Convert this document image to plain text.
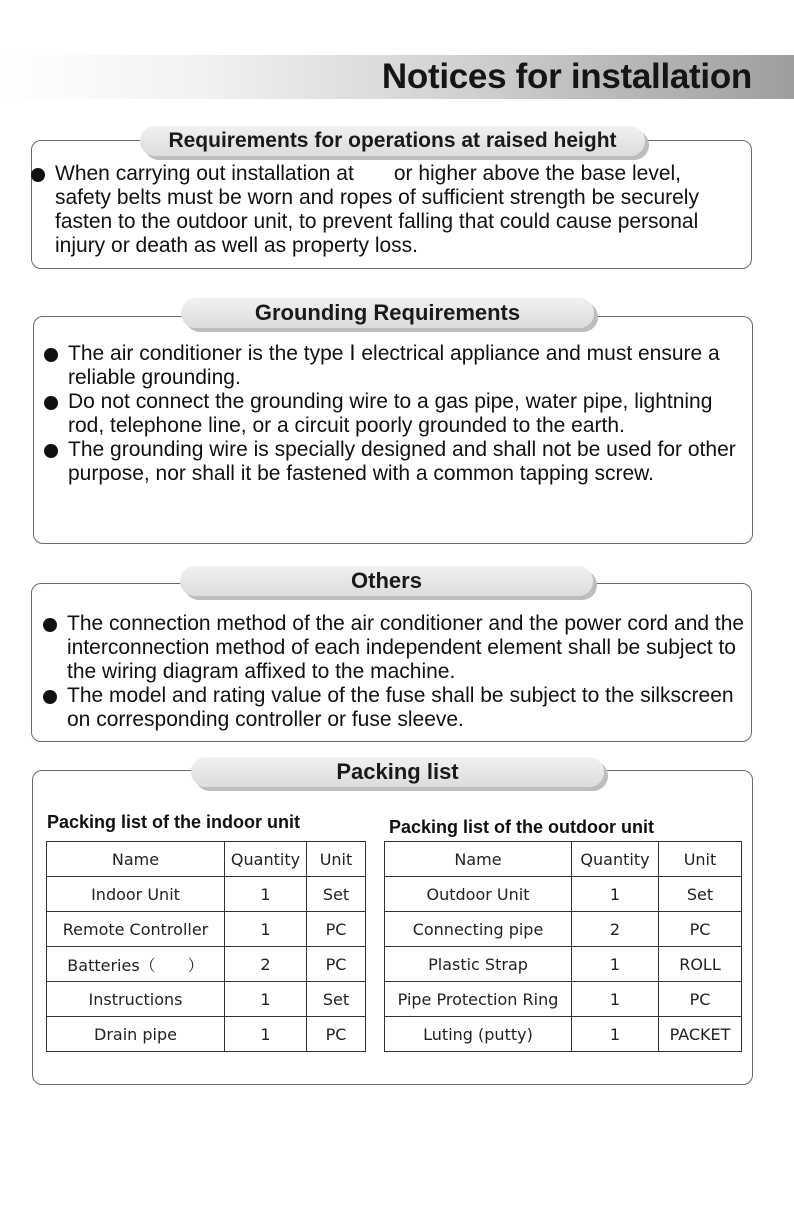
Notices for installation
Requirements for operations at raised height
When carrying out installation at or higher above the base level, safety belts must be worn and ropes of sufficient strength be securely fasten to the outdoor unit, to prevent falling that could cause personal injury or death as well as property loss.
Grounding Requirements
The air conditioner is the type Ⅰ electrical appliance and must ensure a reliable grounding.
Do not connect the grounding wire to a gas pipe, water pipe, lightning rod, telephone line, or a circuit poorly grounded to the earth.
The grounding wire is specially designed and shall not be used for other purpose, nor shall it be fastened with a common tapping screw.
Others
The connection method of the air conditioner and the power cord and the interconnection method of each independent element shall be subject to the wiring diagram affixed to the machine.
The model and rating value of the fuse shall be subject to the silkscreen on corresponding controller or fuse sleeve.
Packing list
Packing list of the indoor unit	Packing list of the outdoor unit
Name	Quantity	Unit
Indoor Unit	1	Set
Remote Controller	1	PC
Batteries（　　）	2	PC
Instructions	1	Set
Drain pipe	1	PC
Name	Quantity	Unit
Outdoor Unit	1	Set
Connecting pipe	2	PC
Plastic Strap	1	ROLL
Pipe Protection Ring	1	PC
Luting (putty)	1	PACKET
